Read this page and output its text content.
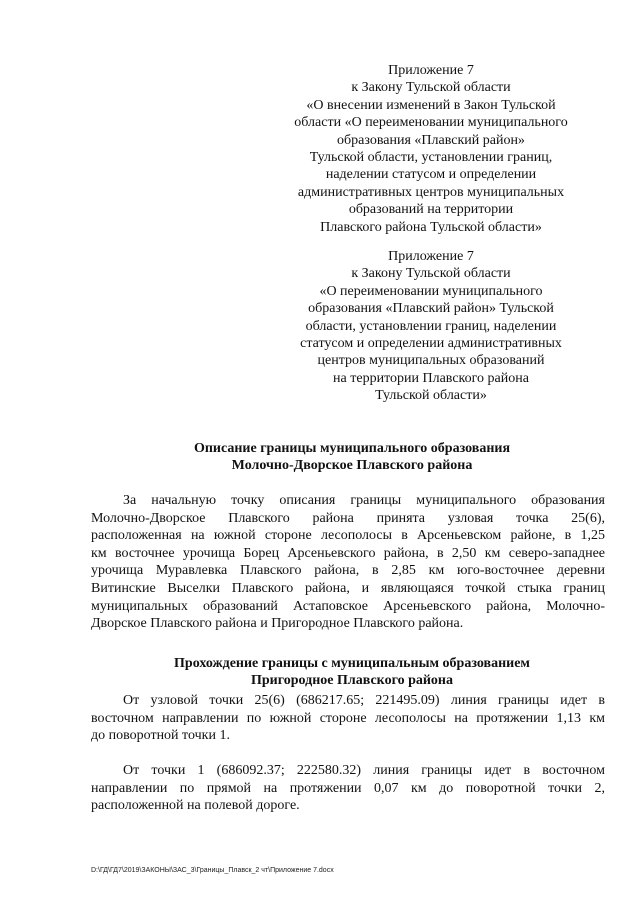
Приложение 7
к Закону Тульской области
«О внесении изменений в Закон Тульской
области «О переименовании муниципального
образования «Плавский район»
Тульской области, установлении границ,
наделении статусом и определении
административных центров муниципальных
образований на территории
Плавского района Тульской области»
Приложение 7
к Закону Тульской области
«О переименовании муниципального
образования «Плавский район» Тульской
области, установлении границ, наделении
статусом и определении административных
центров муниципальных образований
на территории Плавского района
Тульской области»
Описание границы муниципального образования
Молочно-Дворское Плавского района
За начальную точку описания границы муниципального образования
Молочно-Дворское Плавского района принята узловая точка 25(6),
расположенная на южной стороне лесополосы в Арсеньевском районе, в 1,25
км восточнее урочища Борец Арсеньевского района, в 2,50 км северо-западнее
урочища Муравлевка Плавского района, в 2,85 км юго-восточнее деревни
Витинские Выселки Плавского района, и являющаяся точкой стыка границ
муниципальных образований Астаповское Арсеньевского района, Молочно-
Дворское Плавского района и Пригородное Плавского района.
Прохождение границы с муниципальным образованием
Пригородное Плавского района
От узловой точки 25(6) (686217.65; 221495.09) линия границы идет в
восточном направлении по южной стороне лесополосы на протяжении 1,13 км
до поворотной точки 1.
От точки 1 (686092.37; 222580.32) линия границы идет в восточном
направлении по прямой на протяжении 0,07 км до поворотной точки 2,
расположенной на полевой дороге.
D:\ГД\ГД7\2019\ЗАКОНЫ\ЗАС_3\Границы_Плавск_2 чт\Приложение 7.docx
